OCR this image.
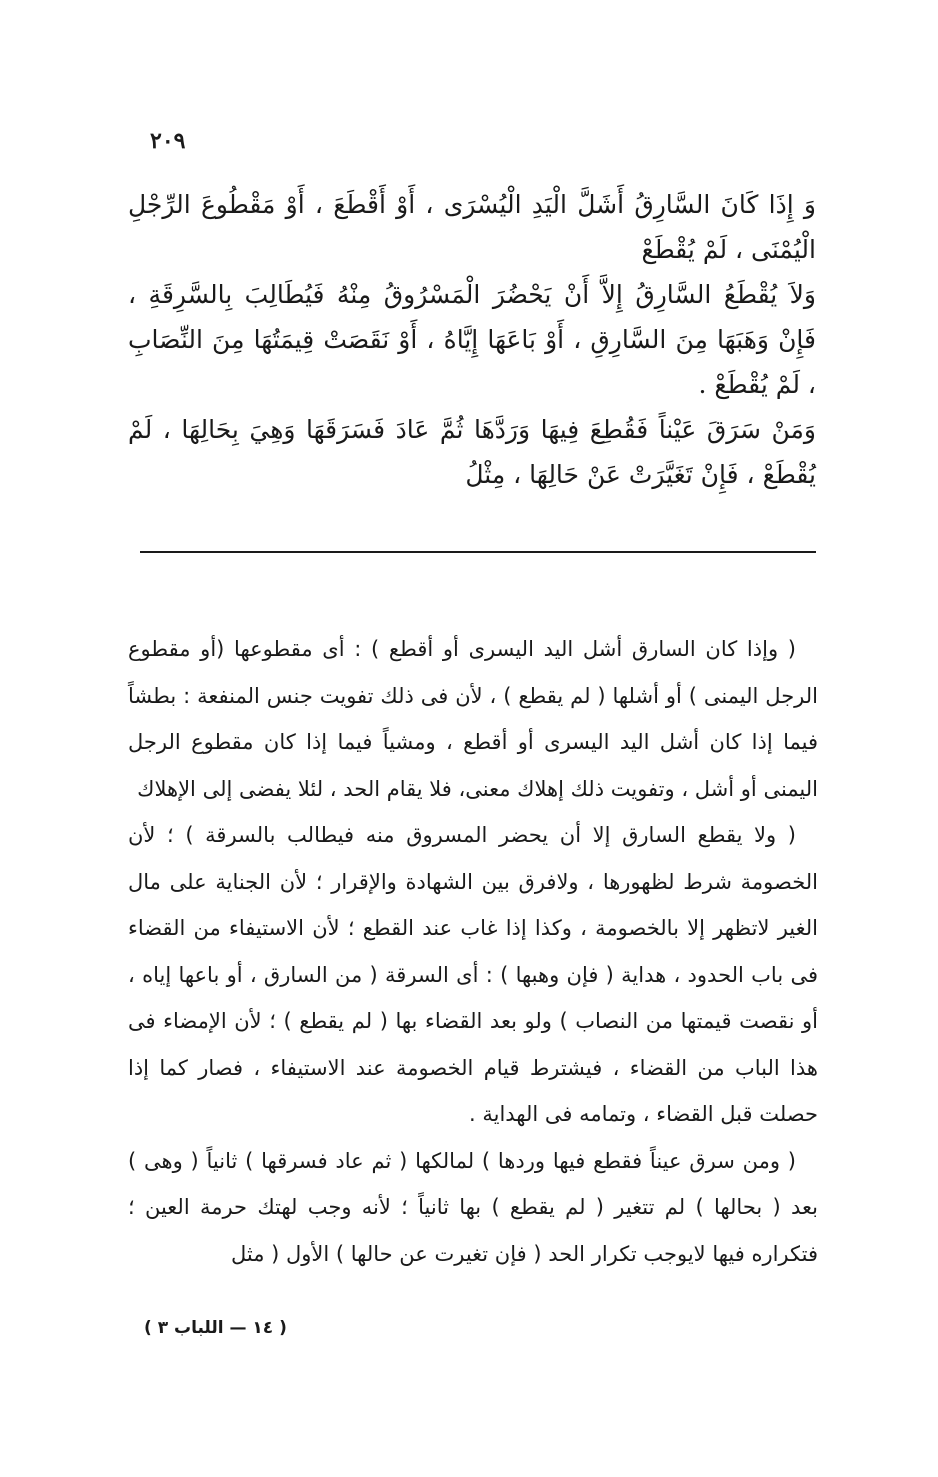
٢٠٩

وَ إِذَا كَانَ السَّارِقُ أَشَلَّ الْيَدِ الْيُسْرَى ، أَوْ أَقْطَعَ ، أَوْ مَقْطُوعَ الرِّجْلِ الْيُمْنَى ، لَمْ يُقْطَعْ

وَلاَ يُقْطَعُ السَّارِقُ إِلاَّ أَنْ يَحْضُرَ الْمَسْرُوقُ مِنْهُ فَيُطَالِبَ بِالسَّرِقَةِ ، فَإِنْ وَهَبَهَا مِنَ السَّارِقِ ، أَوْ بَاعَهَا إِيَّاهُ ، أَوْ نَقَصَتْ قِيمَتُهَا مِنَ النِّصَابِ ، لَمْ يُقْطَعْ .

وَمَنْ سَرَقَ عَيْناً فَقُطِعَ فِيهَا وَرَدَّهَا ثُمَّ عَادَ فَسَرَقَهَا وَهِيَ بِحَالِهَا ، لَمْ يُقْطَعْ ، فَإِنْ تَغَيَّرَتْ عَنْ حَالِهَا ، مِثْلُ

( وإذا كان السارق أشل اليد اليسرى أو أقطع ) : أى مقطوعها (أو مقطوع الرجل اليمنى ) أو أشلها ( لم يقطع ) ، لأن فى ذلك تفويت جنس المنفعة : بطشاً فيما إذا كان أشل اليد اليسرى أو أقطع ، ومشياً فيما إذا كان مقطوع الرجل اليمنى أو أشل ، وتفويت ذلك إهلاك معنى، فلا يقام الحد ، لئلا يفضى إلى الإهلاك

( ولا يقطع السارق إلا أن يحضر المسروق منه فيطالب بالسرقة ) ؛ لأن الخصومة شرط لظهورها ، ولافرق بين الشهادة والإقرار ؛ لأن الجناية على مال الغير لاتظهر إلا بالخصومة ، وكذا إذا غاب عند القطع ؛ لأن الاستيفاء من القضاء فى باب الحدود ، هداية ( فإن وهبها ) : أى السرقة ( من السارق ، أو باعها إياه ، أو نقصت قيمتها من النصاب ) ولو بعد القضاء بها ( لم يقطع ) ؛ لأن الإمضاء فى هذا الباب من القضاء ، فيشترط قيام الخصومة عند الاستيفاء ، فصار كما إذا حصلت قبل القضاء ، وتمامه فى الهداية .

( ومن سرق عيناً فقطع فيها وردها ) لمالكها ( ثم عاد فسرقها ) ثانياً ( وهى ) بعد ( بحالها ) لم تتغير ( لم يقطع ) بها ثانياً ؛ لأنه وجب لهتك حرمة العين ؛ فتكراره فيها لايوجب تكرار الحد ( فإن تغيرت عن حالها ) الأول ( مثل

( ١٤ — اللباب ٣ )
